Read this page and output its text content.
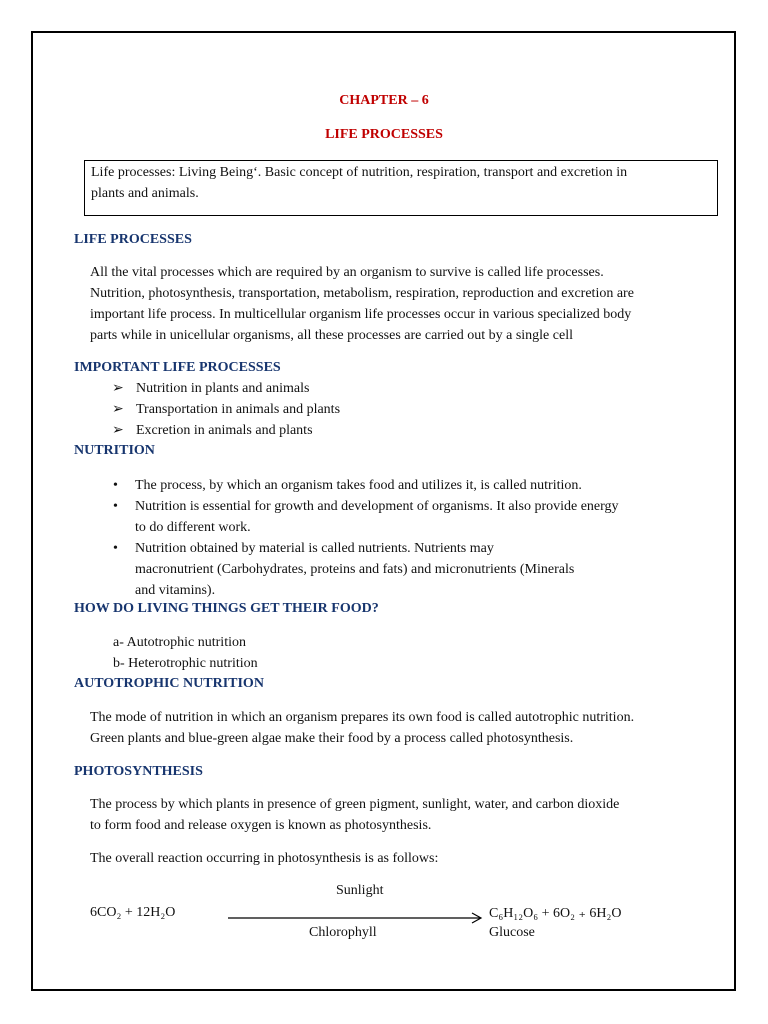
CHAPTER – 6
LIFE PROCESSES
Life processes: Living Being‘. Basic concept of nutrition, respiration, transport and excretion in
plants and animals.
LIFE PROCESSES
All the vital processes which are required by an organism to survive is called life processes.
Nutrition, photosynthesis, transportation, metabolism, respiration, reproduction and excretion are
important life process. In multicellular organism life processes occur in various specialized body
parts while in unicellular organisms, all these processes are carried out by a single cell
IMPORTANT LIFE PROCESSES
➢ Nutrition in plants and animals
➢ Transportation in animals and plants
➢ Excretion in animals and plants
NUTRITION
• The process, by which an organism takes food and utilizes it, is called nutrition.
• Nutrition is essential for growth and development of organisms. It also provide energy
to do different work.
• Nutrition obtained by material is called nutrients. Nutrients may
macronutrient (Carbohydrates, proteins and fats) and micronutrients (Minerals
and vitamins).
HOW DO LIVING THINGS GET THEIR FOOD?
a- Autotrophic nutrition
b- Heterotrophic nutrition
AUTOTROPHIC NUTRITION
The mode of nutrition in which an organism prepares its own food is called autotrophic nutrition.
Green plants and blue-green algae make their food by a process called photosynthesis.
PHOTOSYNTHESIS
The process by which plants in presence of green pigment, sunlight, water, and carbon dioxide
to form food and release oxygen is known as photosynthesis.
The overall reaction occurring in photosynthesis is as follows:
6CO₂ + 12H₂O
Sunlight
Chlorophyll
C₆H₁₂O₆ + 6O₂ ₊ 6H₂O
Glucose
